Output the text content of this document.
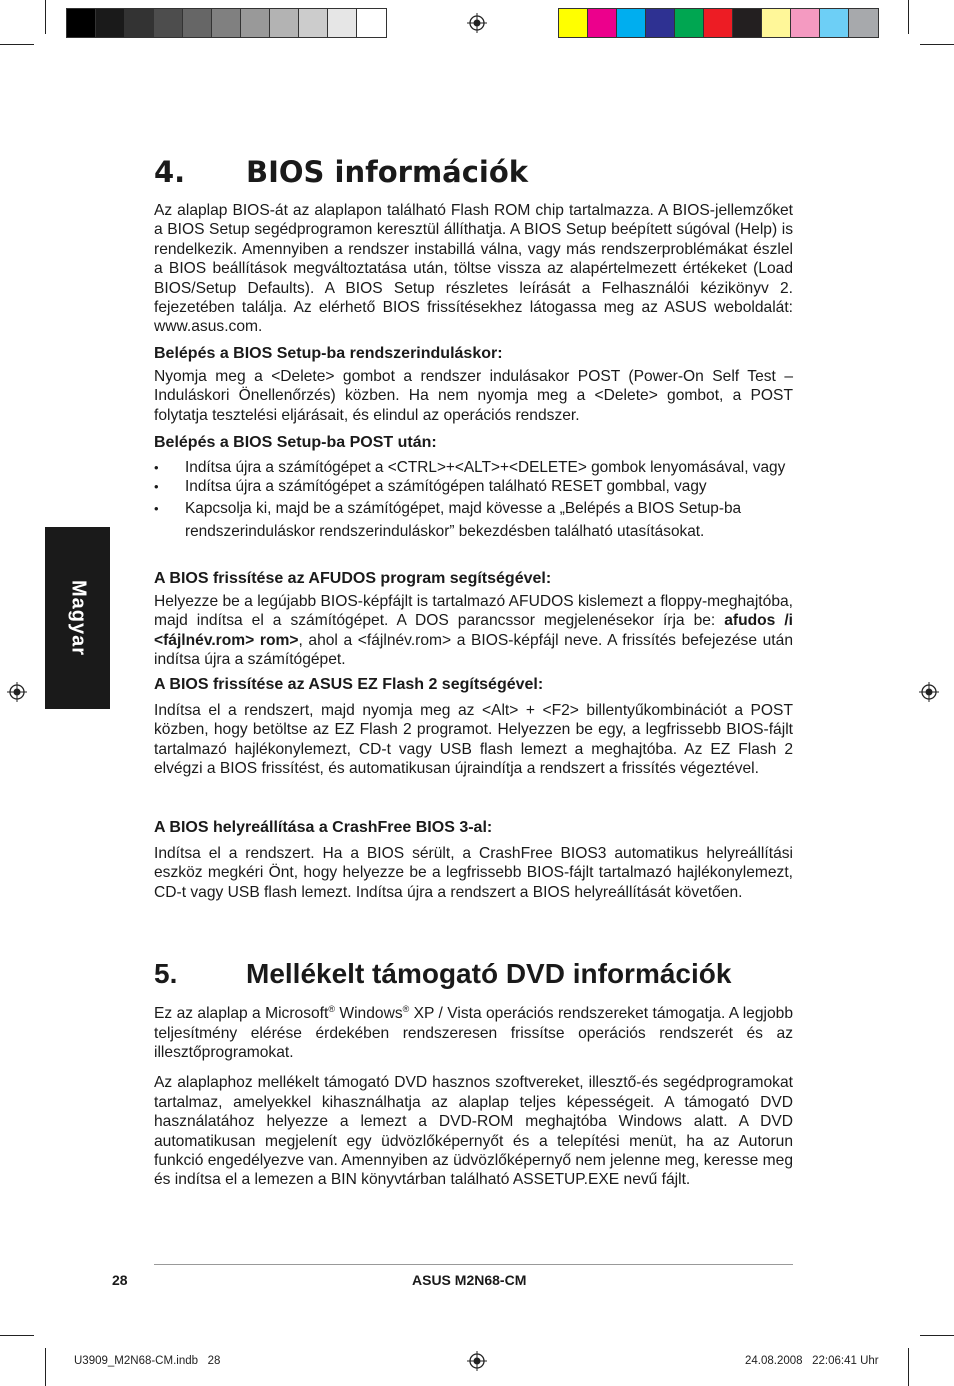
Magyar
4.	BIOS információk

Az alaplap BIOS-át az alaplapon található Flash ROM chip tartalmazza. A BIOS-jellemzőket a BIOS Setup segédprogramon keresztül állíthatja. A BIOS Setup beépített súgóval (Help) is rendelkezik. Amennyiben a rendszer instabillá válna, vagy más rendszerproblémákat észlel a BIOS beállítások megváltoztatása után, töltse vissza az alapértelmezett értékeket (Load BIOS/Setup Defaults). A BIOS Setup részletes leírását a Felhasználói kézikönyv 2. fejezetében találja. Az elérhető BIOS frissítésekhez látogassa meg az ASUS weboldalát: www.asus.com.

Belépés a BIOS Setup-ba rendszerinduláskor:

Nyomja meg a <Delete> gombot a rendszer indulásakor POST (Power-On Self Test – Induláskori Önellenőrzés) közben. Ha nem nyomja meg a <Delete> gombot, a POST folytatja tesztelési eljárásait, és elindul az operációs rendszer.

Belépés a BIOS Setup-ba POST után:
• Indítsa újra a számítógépet a <CTRL>+<ALT>+<DELETE> gombok lenyomásával, vagy
• Indítsa újra a számítógépet a számítógépen található RESET gombbal, vagy
• Kapcsolja ki, majd be a számítógépet, majd kövesse a „Belépés a BIOS Setup-ba rendszerinduláskor rendszerinduláskor” bekezdésben található utasításokat.
A BIOS frissítése az AFUDOS program segítségével:

Helyezze be a legújabb BIOS-képfájlt is tartalmazó AFUDOS kislemezt a floppy-meghajtóba, majd indítsa el a számítógépet. A DOS parancssor megjelenésekor írja be: afudos /i <fájlnév.rom> rom>, ahol a <fájlnév.rom> a BIOS-képfájl neve. A frissítés befejezése után indítsa újra a számítógépet.

A BIOS frissítése az ASUS EZ Flash 2 segítségével:

Indítsa el a rendszert, majd nyomja meg az <Alt> + <F2> billentyűkombinációt a POST közben, hogy betöltse az EZ Flash 2 programot. Helyezzen be egy, a legfrissebb BIOS-fájlt tartalmazó hajlékonylemezt, CD-t vagy USB flash lemezt a meghajtóba. Az EZ Flash 2 elvégzi a BIOS frissítést, és automatikusan újraindítja a rendszert a frissítés végeztével.

A BIOS helyreállítása a CrashFree BIOS 3-al:

Indítsa el a rendszert. Ha a BIOS sérült, a CrashFree BIOS3 automatikus helyreállítási eszköz megkéri Önt, hogy helyezze be a legfrissebb BIOS-fájlt tartalmazó hajlékonylemezt, CD-t vagy USB flash lemezt. Indítsa újra a rendszert a BIOS helyreállítását követően.

5.	Mellékelt támogató DVD információk

Ez az alaplap a Microsoft® Windows® XP / Vista operációs rendszereket támogatja. A legjobb teljesítmény elérése érdekében rendszeresen frissítse operációs rendszerét és az illesztőprogramokat.

Az alaplaphoz mellékelt támogató DVD hasznos szoftvereket, illesztő-és segédprogramokat tartalmaz, amelyekkel kihasználhatja az alaplap teljes képességeit. A támogató DVD használatához helyezze a lemezt a DVD-ROM meghajtóba Windows alatt. A DVD automatikusan megjelenít egy üdvözlőképernyőt és a telepítési menüt, ha az Autorun funkció engedélyezve van. Amennyiben az üdvözlőképernyő nem jelenne meg, keresse meg és indítsa el a lemezen a BIN könyvtárban található ASSETUP.EXE nevű fájlt.

28	ASUS M2N68-CM
U3909_M2N68-CM.indb   28	24.08.2008   22:06:41 Uhr
